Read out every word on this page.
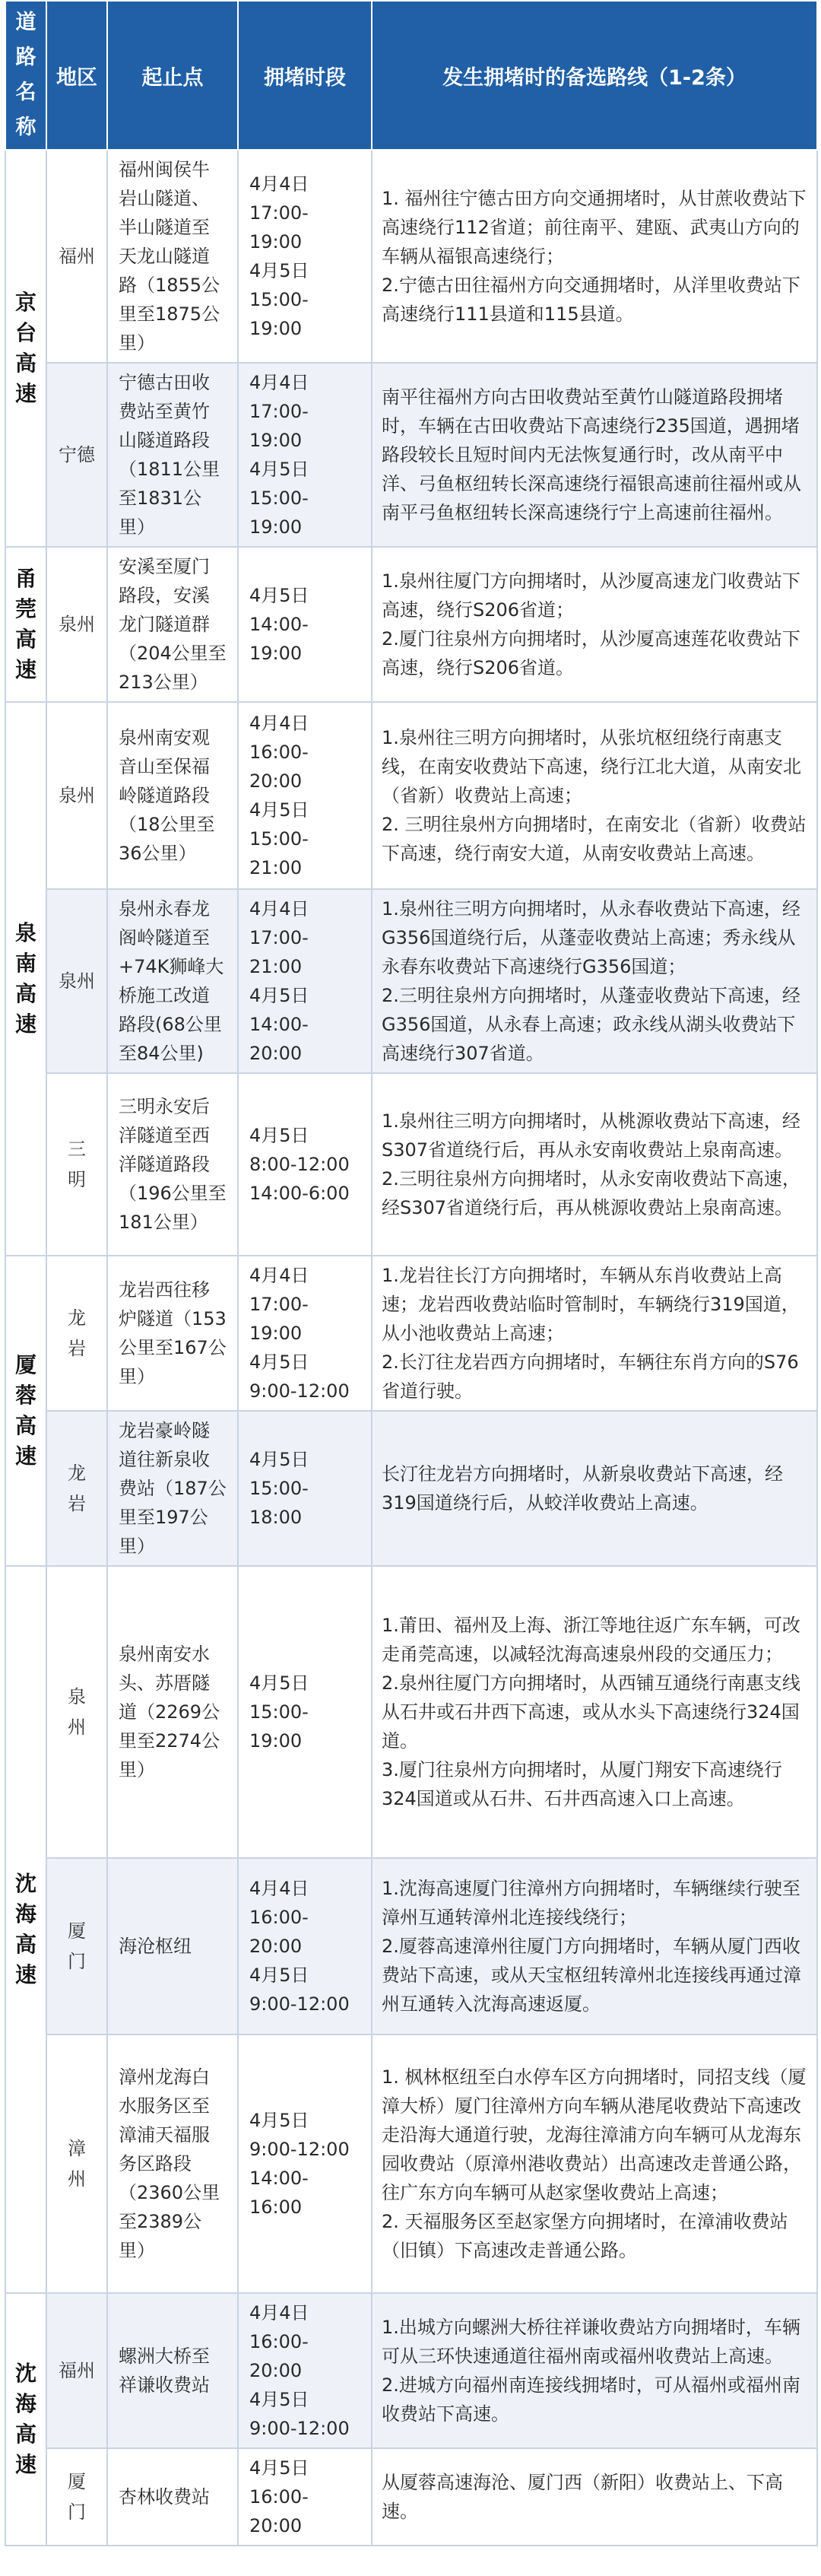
道
路
名
称	地区	起止点	拥堵时段	发生拥堵时的备选路线（1-2条）

京
台
高
速	福州	福州闽侯牛岩山隧道、半山隧道至天龙山隧道路（1855公里至1875公里）	4月4日
17:00-19:00
4月5日
15:00-19:00	1. 福州往宁德古田方向交通拥堵时，从甘蔗收费站下高速绕行112省道；前往南平、建瓯、武夷山方向的车辆从福银高速绕行；
2.宁德古田往福州方向交通拥堵时，从洋里收费站下高速绕行111县道和115县道。

	宁德	宁德古田收费站至黄竹山隧道路段（1811公里至1831公里）	4月4日
17:00-19:00
4月5日
15:00-19:00	南平往福州方向古田收费站至黄竹山隧道路段拥堵时，车辆在古田收费站下高速绕行235国道，遇拥堵路段较长且短时间内无法恢复通行时，改从南平中洋、弓鱼枢纽转长深高速绕行福银高速前往福州或从南平弓鱼枢纽转长深高速绕行宁上高速前往福州。

甬
莞
高
速	泉州	安溪至厦门路段，安溪龙门隧道群（204公里至213公里）	4月5日
14:00-19:00	1.泉州往厦门方向拥堵时，从沙厦高速龙门收费站下高速，绕行S206省道；
2.厦门往泉州方向拥堵时，从沙厦高速莲花收费站下高速，绕行S206省道。

泉
南
高
速	泉州	泉州南安观音山至保福岭隧道路段（18公里至36公里）	4月4日
16:00-20:00
4月5日
15:00-21:00	1.泉州往三明方向拥堵时，从张坑枢纽绕行南惠支线，在南安收费站下高速，绕行江北大道，从南安北（省新）收费站上高速；
2. 三明往泉州方向拥堵时，在南安北（省新）收费站下高速，绕行南安大道，从南安收费站上高速。

	泉州	泉州永春龙阁岭隧道至+74K狮峰大桥施工改道路段(68公里至84公里)	4月4日
17:00-21:00
4月5日
14:00-20:00	1.泉州往三明方向拥堵时，从永春收费站下高速，经G356国道绕行后，从蓬壶收费站上高速；秀永线从永春东收费站下高速绕行G356国道；
2.三明往泉州方向拥堵时，从蓬壶收费站下高速，经G356国道，从永春上高速；政永线从湖头收费站下高速绕行307省道。

	三
明	三明永安后洋隧道至西洋隧道路段（196公里至181公里）	4月5日
8:00-12:00
14:00-6:00	1.泉州往三明方向拥堵时，从桃源收费站下高速，经S307省道绕行后，再从永安南收费站上泉南高速。
2.三明往泉州方向拥堵时，从永安南收费站下高速，经S307省道绕行后，再从桃源收费站上泉南高速。

厦
蓉
高
速	龙
岩	龙岩西往移炉隧道（153公里至167公里）	4月4日
17:00-19:00
4月5日
9:00-12:00	1.龙岩往长汀方向拥堵时，车辆从东肖收费站上高速；龙岩西收费站临时管制时，车辆绕行319国道，从小池收费站上高速；
2.长汀往龙岩西方向拥堵时，车辆往东肖方向的S76省道行驶。

	龙
岩	龙岩豪岭隧道往新泉收费站（187公里至197公里）	4月5日
15:00-18:00	长汀往龙岩方向拥堵时，从新泉收费站下高速，经319国道绕行后，从蛟洋收费站上高速。

沈
海
高
速	泉
州	泉州南安水头、苏厝隧道（2269公里至2274公里）	4月5日
15:00-19:00	1.莆田、福州及上海、浙江等地往返广东车辆，可改走甬莞高速，以减轻沈海高速泉州段的交通压力；
2.泉州往厦门方向拥堵时，从西铺互通绕行南惠支线从石井或石井西下高速，或从水头下高速绕行324国道。
3.厦门往泉州方向拥堵时，从厦门翔安下高速绕行324国道或从石井、石井西高速入口上高速。

	厦
门	海沧枢纽	4月4日
16:00-20:00
4月5日
9:00-12:00	1.沈海高速厦门往漳州方向拥堵时，车辆继续行驶至漳州互通转漳州北连接线绕行；
2.厦蓉高速漳州往厦门方向拥堵时，车辆从厦门西收费站下高速，或从天宝枢纽转漳州北连接线再通过漳州互通转入沈海高速返厦。

	漳
州	漳州龙海白水服务区至漳浦天福服务区路段（2360公里至2389公里）	4月5日
9:00-12:00
14:00-16:00	1. 枫林枢纽至白水停车区方向拥堵时，同招支线（厦漳大桥）厦门往漳州方向车辆从港尾收费站下高速改走沿海大通道行驶，龙海往漳浦方向车辆可从龙海东园收费站（原漳州港收费站）出高速改走普通公路，往广东方向车辆可从赵家堡收费站上高速；
2. 天福服务区至赵家堡方向拥堵时，在漳浦收费站（旧镇）下高速改走普通公路。

沈
海
高
速	福州	螺洲大桥至祥谦收费站	4月4日
16:00-20:00
4月5日
9:00-12:00	1.出城方向螺洲大桥往祥谦收费站方向拥堵时，车辆可从三环快速通道往福州南或福州收费站上高速。
2.进城方向福州南连接线拥堵时，可从福州或福州南收费站下高速。

	厦
门	杏林收费站	4月5日
16:00-20:00	从厦蓉高速海沧、厦门西（新阳）收费站上、下高速。
